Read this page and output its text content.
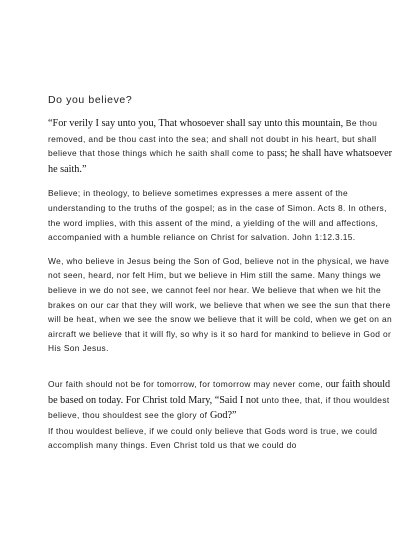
Do you believe?

“For verily I say unto you, That whosoever shall say unto this mountain, Be thou removed, and be thou cast into the sea; and shall not doubt in his heart, but shall believe that those things which he saith shall come to pass; he shall have whatsoever he saith.”

Believe; in theology, to believe sometimes expresses a mere assent of the understanding to the truths of the gospel; as in the case of Simon. Acts 8. In others, the word implies, with this assent of the mind, a yielding of the will and affections, accompanied with a humble reliance on Christ for salvation. John 1:12.3.15.

We, who believe in Jesus being the Son of God, believe not in the physical, we have not seen, heard, nor felt Him, but we believe in Him still the same. Many things we believe in we do not see, we cannot feel nor hear. We believe that when we hit the brakes on our car that they will work, we believe that when we see the sun that there will be heat, when we see the snow we believe that it will be cold, when we get on an aircraft we believe that it will fly, so why is it so hard for mankind to believe in God or His Son Jesus.

Our faith should not be for tomorrow, for tomorrow may never come, our faith should be based on today. For Christ told Mary, “Said I not unto thee, that, if thou wouldest believe, thou shouldest see the glory of God?”
If thou wouldest believe, if we could only believe that Gods word is true, we could accomplish many things. Even Christ told us that we could do
